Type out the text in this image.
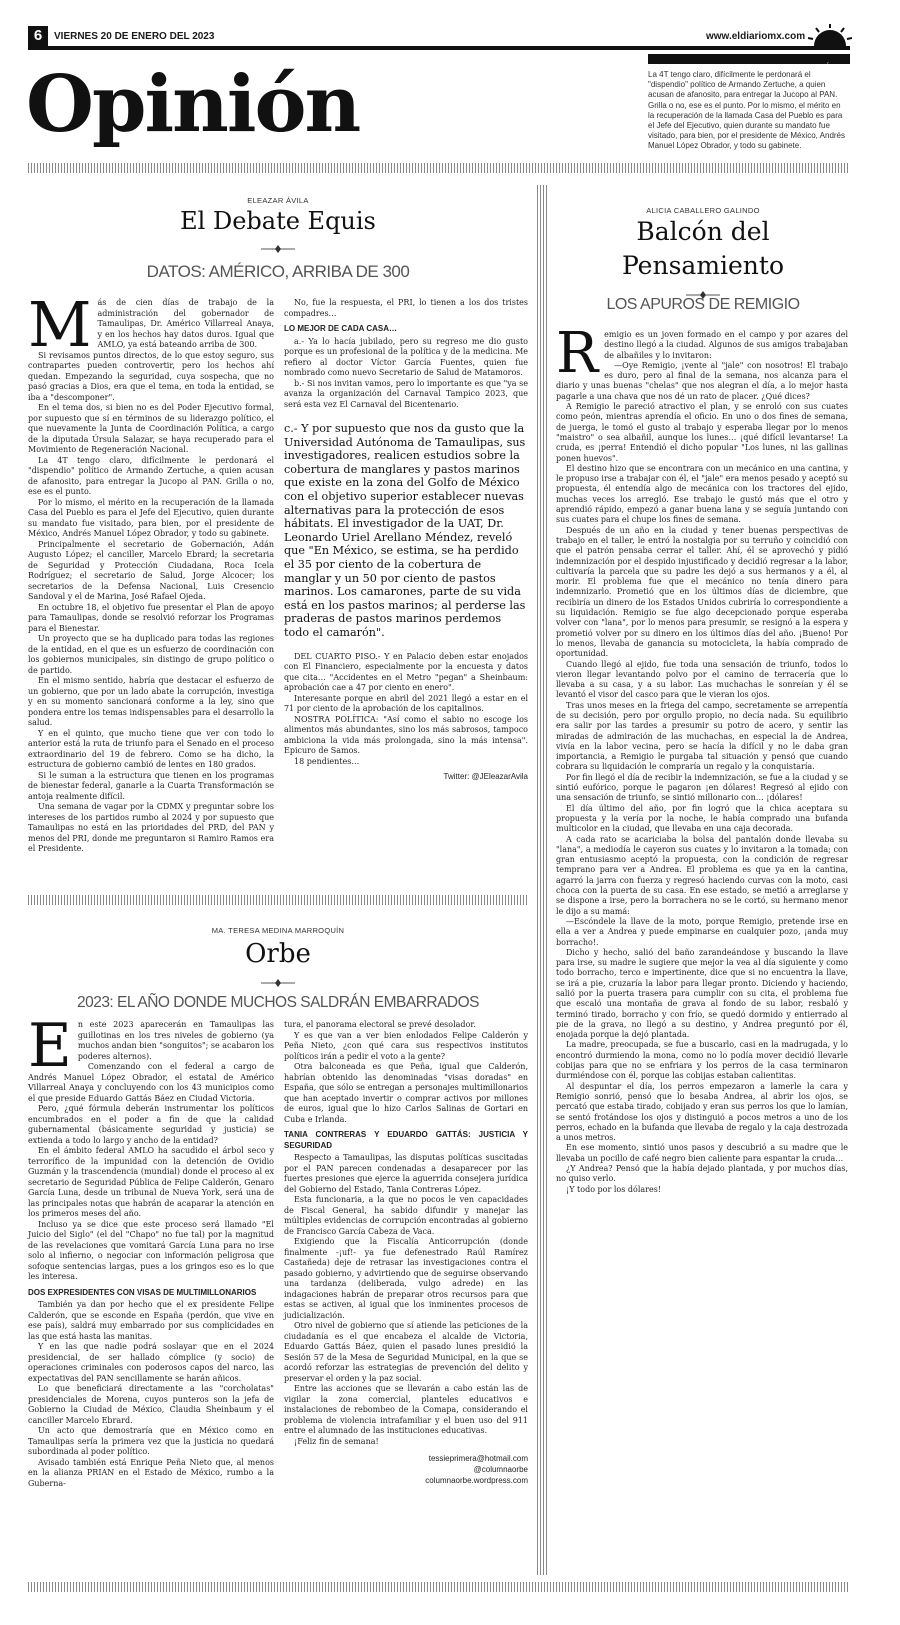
6	VIERNES 20 DE ENERO DEL 2023	www.eldiariomx.com
Opinión	ELEAZAR ÁVILA
La 4T tengo claro, difícilmente le perdonará el "dispendio" político de Armando Zertuche, a quien acusan de afanosito, para entregar la Jucopo al PAN. Grilla o no, ese es el punto. Por lo mismo, el mérito en la recuperación de la llamada Casa del Pueblo es para el Jefe del Ejecutivo, quien durante su mandato fue visitado, para bien, por el presidente de México, Andrés Manuel López Obrador, y todo su gabinete.
ELEAZAR ÁVILA
El Debate Equis
DATOS: AMÉRICO, ARRIBA DE 300
M ás de cien días de trabajo de la administración del gobernador de Tamaulipas, Dr. Américo Villarreal Anaya, y en los hechos hay datos duros. Igual que AMLO, ya está bateando arriba de 300.

Si revisamos puntos directos, de lo que estoy seguro, sus contrapartes pueden controvertir, pero los hechos ahí quedan. Empezando la seguridad, cuya sospecha, que no pasó gracias a Dios, era que el tema, en toda la entidad, se iba a "descomponer".

En el tema dos, si bien no es del Poder Ejecutivo formal, por supuesto que sí en términos de su liderazgo político, el que nuevamente la Junta de Coordinación Política, a cargo de la diputada Úrsula Salazar, se haya recuperado para el Movimiento de Regeneración Nacional.

La 4T tengo claro, difícilmente le perdonará el "dispendio" político de Armando Zertuche, a quien acusan de afanosito, para entregar la Jucopo al PAN. Grilla o no, ese es el punto.

Por lo mismo, el mérito en la recuperación de la llamada Casa del Pueblo es para el Jefe del Ejecutivo, quien durante su mandato fue visitado, para bien, por el presidente de México, Andrés Manuel López Obrador, y todo su gabinete.

Principalmente el secretario de Gobernación, Adán Augusto López; el canciller, Marcelo Ebrard; la secretaria de Seguridad y Protección Ciudadana, Roca Icela Rodríguez; el secretario de Salud, Jorge Alcocer; los secretarios de la Defensa Nacional, Luis Cresencio Sandoval y el de Marina, José Rafael Ojeda.

En octubre 18, el objetivo fue presentar el Plan de apoyo para Tamaulipas, donde se resolvió reforzar los Programas para el Bienestar.

Un proyecto que se ha duplicado para todas las regiones de la entidad, en el que es un esfuerzo de coordinación con los gobiernos municipales, sin distingo de grupo político o de partido.

En el mismo sentido, habría que destacar el esfuerzo de un gobierno, que por un lado abate la corrupción, investiga y en su momento sancionará conforme a la ley, sino que pondera entre los temas indispensables para el desarrollo la salud.

Y en el quinto, que mucho tiene que ver con todo lo anterior está la ruta de triunfo para el Senado en el proceso extraordinario del 19 de febrero. Como se ha dicho, la estructura de gobierno cambió de lentes en 180 grados.

Si le suman a la estructura que tienen en los programas de bienestar federal, ganarle a la Cuarta Transformación se antoja realmente difícil.

Una semana de vagar por la CDMX y preguntar sobre los intereses de los partidos rumbo al 2024 y por supuesto que Tamaulipas no está en las prioridades del PRD, del PAN y menos del PRI, donde me preguntaron si Ramiro Ramos era el Presidente.

No, fue la respuesta, el PRI, lo tienen a los dos tristes compadres…

LO MEJOR DE CADA CASA…

a.- Ya lo hacía jubilado, pero su regreso me dio gusto porque es un profesional de la política y de la medicina. Me refiero al doctor Víctor García Fuentes, quien fue nombrado como nuevo Secretario de Salud de Matamoros.

b.- Si nos invitan vamos, pero lo importante es que "ya se avanza la organización del Carnaval Tampico 2023, que será esta vez El Carnaval del Bicentenario.

c.- Y por supuesto que nos da gusto que la Universidad Autónoma de Tamaulipas, sus investigadores, realicen estudios sobre la cobertura de manglares y pastos marinos que existe en la zona del Golfo de México con el objetivo superior establecer nuevas alternativas para la protección de esos hábitats. El investigador de la UAT, Dr. Leonardo Uriel Arellano Méndez, reveló que "En México, se estima, se ha perdido el 35 por ciento de la cobertura de manglar y un 50 por ciento de pastos marinos. Los camarones, parte de su vida está en los pastos marinos; al perderse las praderas de pastos marinos perdemos todo el camarón".

DEL CUARTO PISO.- Y en Palacio deben estar enojados con El Financiero, especialmente por la encuesta y datos que cita… "Accidentes en el Metro "pegan" a Sheinbaum: aprobación cae a 47 por ciento en enero".

Interesante porque en abril del 2021 llegó a estar en el 71 por ciento de la aprobación de los capitalinos.

NOSTRA POLÍTICA: "Así como el sabio no escoge los alimentos más abundantes, sino los más sabrosos, tampoco ambiciona la vida más prolongada, sino la más intensa". Epicuro de Samos.

18 pendientes…

Twitter: @JEleazarAvila
MA. TERESA MEDINA MARROQUÍN
Orbe
2023: EL AÑO DONDE MUCHOS SALDRÁN EMBARRADOS
E n este 2023 aparecerán en Tamaulipas las guillotinas en los tres niveles de gobierno (ya muchos andan bien "songuitos"; se acabaron los poderes alternos).

Comenzando con el federal a cargo de Andrés Manuel López Obrador, el estatal de Américo Villarreal Anaya y concluyendo con los 43 municipios como el que preside Eduardo Gattás Báez en Ciudad Victoria.

Pero, ¿qué fórmula deberán instrumentar los políticos encumbrados en el poder a fin de que la calidad gubernamental (básicamente seguridad y justicia) se extienda a todo lo largo y ancho de la entidad?

En el ámbito federal AMLO ha sacudido el árbol seco y terrorífico de la impunidad con la detención de Ovidio Guzmán y la trascendencia (mundial) donde el proceso al ex secretario de Seguridad Pública de Felipe Calderón, Genaro García Luna, desde un tribunal de Nueva York, será una de las principales notas que habrán de acaparar la atención en los primeros meses del año.

Incluso ya se dice que este proceso será llamado "El Juicio del Siglo" (el del "Chapo" no fue tal) por la magnitud de las revelaciones que vomitará García Luna para no irse solo al infierno, o negociar con información peligrosa que sofoque sentencias largas, pues a los gringos eso es lo que les interesa.

DOS EXPRESIDENTES CON VISAS DE MULTIMILLONARIOS

También ya dan por hecho que el ex presidente Felipe Calderón, que se esconde en España (perdón, que vive en ese país), saldrá muy embarrado por sus complicidades en las que está hasta las manitas.

Y en las que nadie podrá soslayar que en el 2024 presidencial, de ser hallado cómplice (y socio) de operaciones criminales con poderosos capos del narco, las expectativas del PAN sencillamente se harán añicos.

Lo que beneficiará directamente a las "corcholatas" presidenciales de Morena, cuyos punteros son la jefa de Gobierno la Ciudad de México, Claudia Sheinbaum y el canciller Marcelo Ebrard.

Un acto que demostraría que en México como en Tamaulipas sería la primera vez que la justicia no quedará subordinada al poder político.

Avisado también está Enrique Peña Nieto que, al menos en la alianza PRIAN en el Estado de México, rumbo a la Guberna-

tura, el panorama electoral se prevé desolador.

Y es que van a ver bien enlodados Felipe Calderón y Peña Nieto, ¿con qué cara sus respectivos institutos políticos irán a pedir el voto a la gente?

Otra balconeada es que Peña, igual que Calderón, habrían obtenido las denominadas "visas doradas" en España, que sólo se entregan a personajes multimillonarios que han aceptado invertir o comprar activos por millones de euros, igual que lo hizo Carlos Salinas de Gortari en Cuba e Irlanda.

TANIA CONTRERAS Y EDUARDO GATTÁS: JUSTICIA Y SEGURIDAD

Respecto a Tamaulipas, las disputas políticas suscitadas por el PAN parecen condenadas a desaparecer por las fuertes presiones que ejerce la aguerrida consejera jurídica del Gobierno del Estado, Tania Contreras López.

Esta funcionaria, a la que no pocos le ven capacidades de Fiscal General, ha sabido difundir y manejar las múltiples evidencias de corrupción encontradas al gobierno de Francisco García Cabeza de Vaca.

Exigiendo que la Fiscalía Anticorrupción (donde finalmente -¡uf!- ya fue defenestrado Raúl Ramírez Castañeda) deje de retrasar las investigaciones contra el pasado gobierno, y advirtiendo que de seguirse observando una tardanza (deliberada, vulgo adrede) en las indagaciones habrán de preparar otros recursos para que estas se activen, al igual que los inminentes procesos de judicialización.

Otro nivel de gobierno que sí atiende las peticiones de la ciudadanía es el que encabeza el alcalde de Victoria, Eduardo Gattás Báez, quien el pasado lunes presidió la Sesión 57 de la Mesa de Seguridad Municipal, en la que se acordó reforzar las estrategias de prevención del delito y preservar el orden y la paz social.

Entre las acciones que se llevarán a cabo están las de vigilar la zona comercial, planteles educativos e instalaciones de rebombeo de la Comapa, considerando el problema de violencia intrafamiliar y el buen uso del 911 entre el alumnado de las instituciones educativas.

¡Feliz fin de semana!

tessieprimera@hotmail.com
@columnaorbe
columnaorbe.wordpress.com
ALICIA CABALLERO GALINDO
Balcón del
Pensamiento
LOS APUROS DE REMIGIO
R emigio es un joven formado en el campo y por azares del destino llegó a la ciudad. Algunos de sus amigos trabajaban de albañiles y lo invitaron:

—Oye Remigio, ¡vente al "jale" con nosotros! El trabajo es duro, pero al final de la semana, nos alcanza para el diario y unas buenas "chelas" que nos alegran el día, a lo mejor hasta pagarle a una chava que nos dé un rato de placer. ¿Qué dices?

A Remigio le pareció atractivo el plan, y se enroló con sus cuates como peón, mientras aprendía el oficio. En uno o dos fines de semana, de juerga, le tomó el gusto al trabajo y esperaba llegar por lo menos "maistro" o sea albañil, aunque los lunes… ¡qué difícil levantarse! La cruda, es ¡perra! Entendió el dicho popular "Los lunes, ni las gallinas ponen huevos".

El destino hizo que se encontrara con un mecánico en una cantina, y le propuso irse a trabajar con él, el "jale" era menos pesado y aceptó su propuesta, él entendía algo de mecánica con los tractores del ejido, muchas veces los arregló. Ese trabajo le gustó más que el otro y aprendió rápido, empezó a ganar buena lana y se seguía juntando con sus cuates para el chupe los fines de semana.

Después de un año en la ciudad y tener buenas perspectivas de trabajo en el taller, le entró la nostalgia por su terruño y coincidió con que el patrón pensaba cerrar el taller. Ahí, él se aprovechó y pidió indemnización por el despido injustificado y decidió regresar a la labor, cultivaría la parcela que su padre les dejó a sus hermanos y a él, al morir. El problema fue que el mecánico no tenía dinero para indemnizarlo. Prometió que en los últimos días de diciembre, que recibiría un dinero de los Estados Unidos cubriría lo correspondiente a su liquidación. Remigio se fue algo decepcionado porque esperaba volver con "lana", por lo menos para presumir, se resignó a la espera y prometió volver por su dinero en los últimos días del año. ¡Bueno! Por lo menos, llevaba de ganancia su motocicleta, la había comprado de oportunidad.

Cuando llegó al ejido, fue toda una sensación de triunfo, todos lo vieron llegar levantando polvo por el camino de terracería que lo llevaba a su casa, y a su labor. Las muchachas le sonreían y él se levantó el visor del casco para que le vieran los ojos.

Tras unos meses en la friega del campo, secretamente se arrepentía de su decisión, pero por orgullo propio, no decía nada. Su equilibrio era salir por las tardes a presumir su potro de acero, y sentir las miradas de admiración de las muchachas, en especial la de Andrea, vivía en la labor vecina, pero se hacía la difícil y no le daba gran importancia, a Remigio le purgaba tal situación y pensó que cuando cobrara su liquidación le compraría un regalo y la conquistaría.

Por fin llegó el día de recibir la indemnización, se fue a la ciudad y se sintió eufórico, porque le pagaron ¡en dólares! Regresó al ejido con una sensación de triunfo, se sintió millonario con… ¡dólares!

El día último del año, por fin logró que la chica aceptara su propuesta y la vería por la noche, le había comprado una bufanda multicolor en la ciudad, que llevaba en una caja decorada.

A cada rato se acariciaba la bolsa del pantalón donde llevaba su "lana", a mediodía le cayeron sus cuates y lo invitaron a la tomada; con gran entusiasmo aceptó la propuesta, con la condición de regresar temprano para ver a Andrea. El problema es que ya en la cantina, agarró la jarra con fuerza y regresó haciendo curvas con la moto, casi choca con la puerta de su casa. En ese estado, se metió a arreglarse y se dispone a irse, pero la borrachera no se le cortó, su hermano menor le dijo a su mamá:

—Escóndele la llave de la moto, porque Remigio, pretende irse en ella a ver a Andrea y puede empinarse en cualquier pozo, ¡anda muy borracho!.

Dicho y hecho, salió del baño zarandeándose y buscando la llave para irse, su madre le sugiere que mejor la vea al día siguiente y como todo borracho, terco e impertinente, dice que si no encuentra la llave, se irá a pie, cruzaría la labor para llegar pronto. Diciendo y haciendo, salió por la puerta trasera para cumplir con su cita, el problema fue que escaló una montaña de grava al fondo de su labor, resbaló y terminó tirado, borracho y con frío, se quedó dormido y entierrado al pie de la grava, no llegó a su destino, y Andrea preguntó por él, enojada porque la dejó plantada.

La madre, preocupada, se fue a buscarlo, casi en la madrugada, y lo encontró durmiendo la mona, como no lo podía mover decidió llevarle cobijas para que no se enfriara y los perros de la casa terminaron durmiéndose con él, porque las cobijas estaban calientitas.

Al despuntar el día, los perros empezaron a lamerle la cara y Remigio sonrió, pensó que lo besaba Andrea, al abrir los ojos, se percató que estaba tirado, cobijado y eran sus perros los que lo lamían, se sentó frotándose los ojos y distinguió a pocos metros a uno de los perros, echado en la bufanda que llevaba de regalo y la caja destrozada a unos metros.

En ese momento, sintió unos pasos y descubrió a su madre que le llevaba un pocillo de café negro bien caliente para espantar la cruda…

¿Y Andrea? Pensó que la había dejado plantada, y por muchos días, no quiso verlo.

¡Y todo por los dólares!
